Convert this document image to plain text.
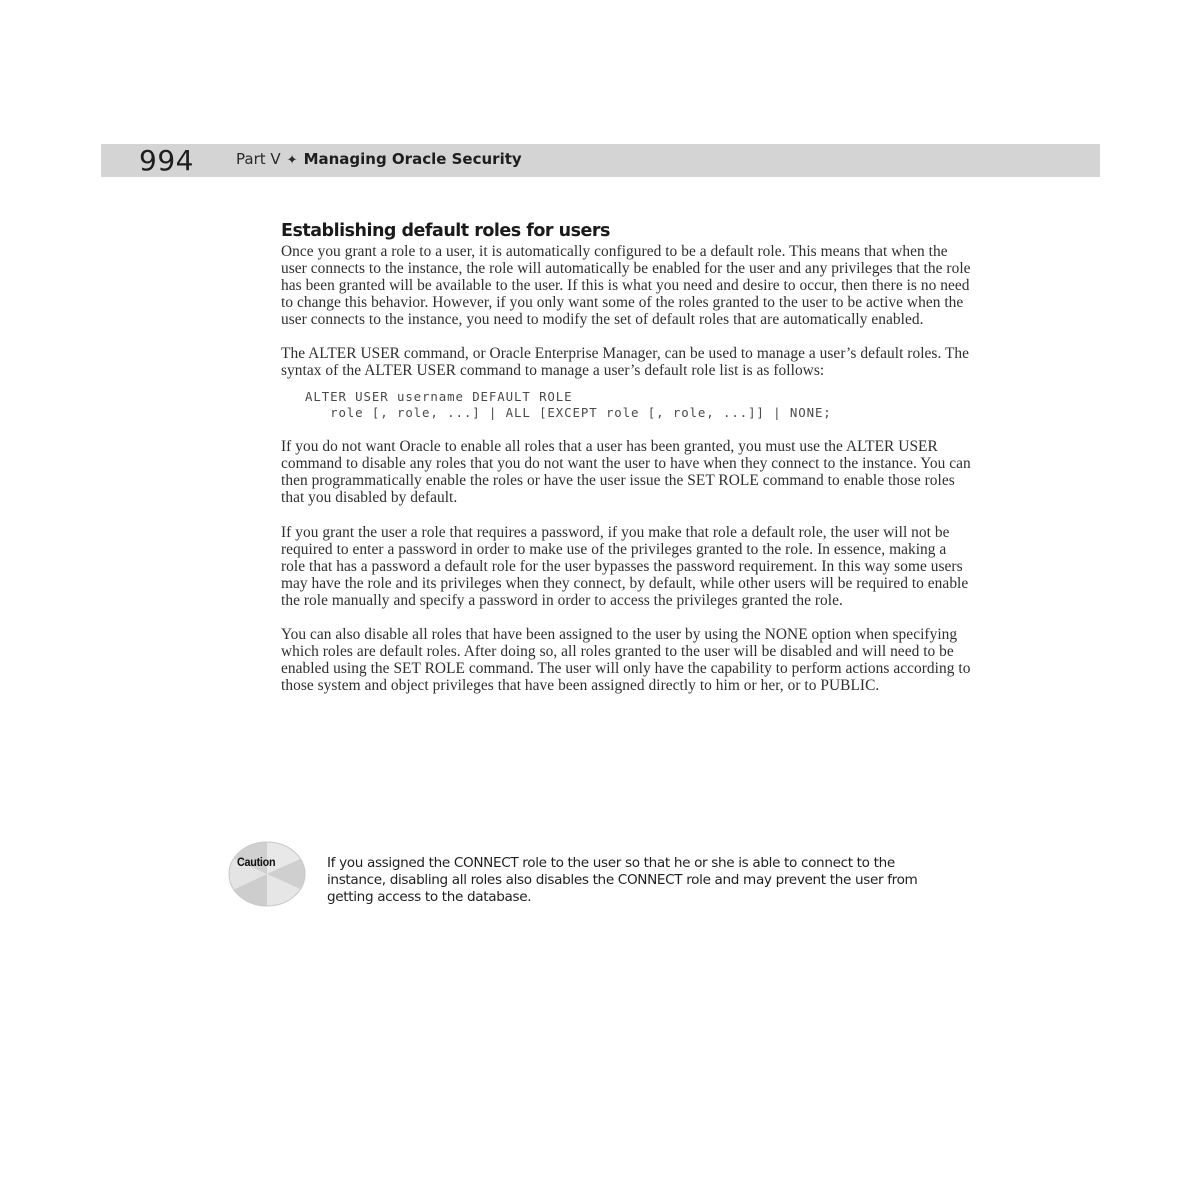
994	Part V ✦ Managing Oracle Security
Establishing default roles for users

Once you grant a role to a user, it is automatically configured to be a default role. This means that when the user connects to the instance, the role will automatically be enabled for the user and any privileges that the role has been granted will be available to the user. If this is what you need and desire to occur, then there is no need to change this behavior. However, if you only want some of the roles granted to the user to be active when the user connects to the instance, you need to modify the set of default roles that are automatically enabled.

The ALTER USER command, or Oracle Enterprise Manager, can be used to manage a user’s default roles. The syntax of the ALTER USER command to manage a user’s default role list is as follows:

ALTER USER username DEFAULT ROLE
role [, role, ...] | ALL [EXCEPT role [, role, ...]] | NONE;

If you do not want Oracle to enable all roles that a user has been granted, you must use the ALTER USER command to disable any roles that you do not want the user to have when they connect to the instance. You can then programmatically enable the roles or have the user issue the SET ROLE command to enable those roles that you disabled by default.

If you grant the user a role that requires a password, if you make that role a default role, the user will not be required to enter a password in order to make use of the privileges granted to the role. In essence, making a role that has a password a default role for the user bypasses the password requirement. In this way some users may have the role and its privileges when they connect, by default, while other users will be required to enable the role manually and specify a password in order to access the privileges granted the role.

You can also disable all roles that have been assigned to the user by using the NONE option when specifying which roles are default roles. After doing so, all roles granted to the user will be disabled and will need to be enabled using the SET ROLE command. The user will only have the capability to perform actions according to those system and object privileges that have been assigned directly to him or her, or to PUBLIC.

Caution	If you assigned the CONNECT role to the user so that he or she is able to connect to the instance, disabling all roles also disables the CONNECT role and may prevent the user from getting access to the database.
